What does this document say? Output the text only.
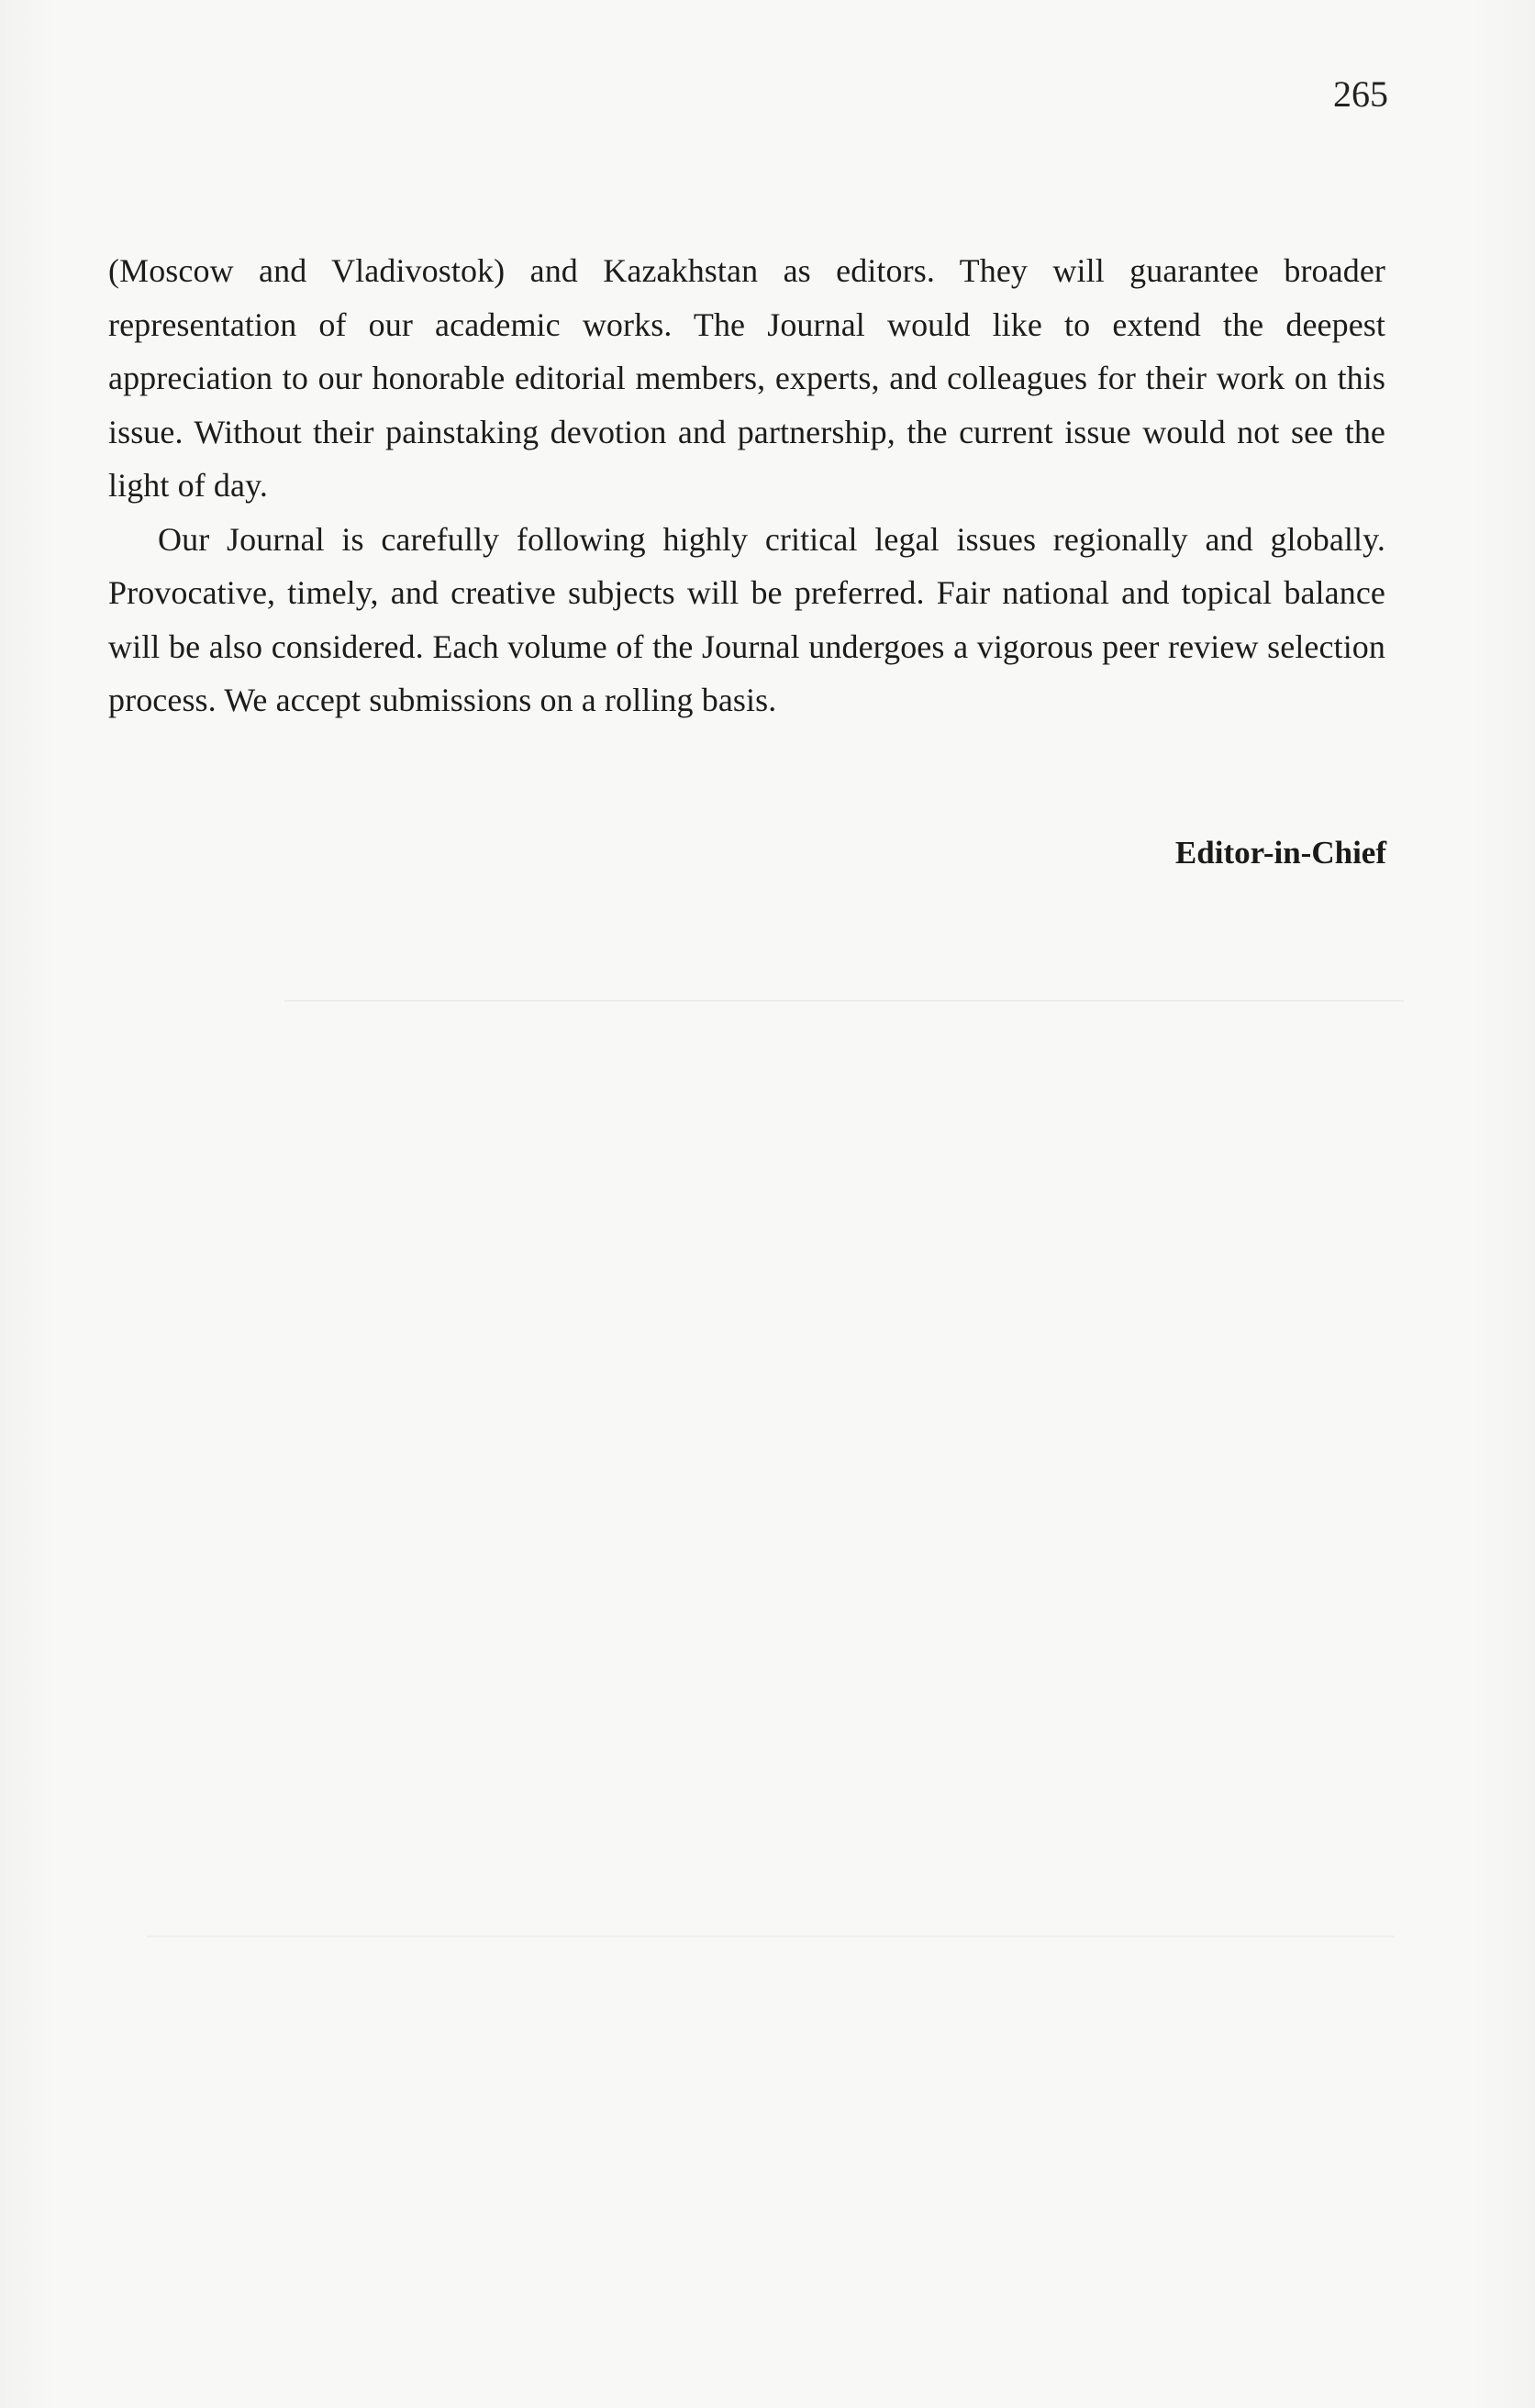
265

(Moscow and Vladivostok) and Kazakhstan as editors. They will guarantee broader representation of our academic works. The Journal would like to extend the deepest appreciation to our honorable editorial members, experts, and colleagues for their work on this issue. Without their painstaking devotion and partnership, the current issue would not see the light of day.

Our Journal is carefully following highly critical legal issues regionally and globally. Provocative, timely, and creative subjects will be preferred. Fair national and topical balance will be also considered. Each volume of the Journal undergoes a vigorous peer review selection process. We accept submissions on a rolling basis.

Editor-in-Chief
